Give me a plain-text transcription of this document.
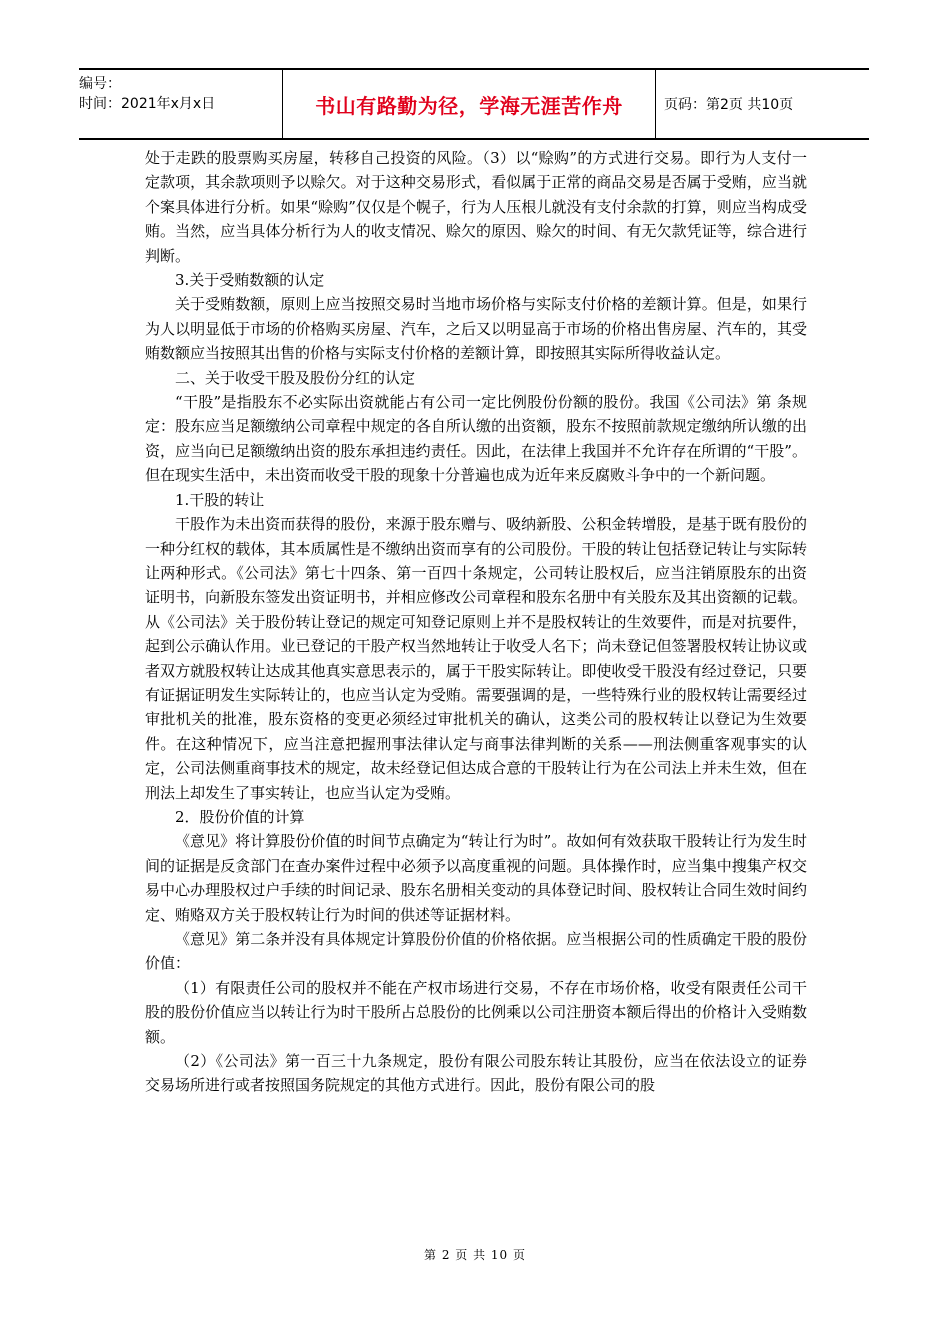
编号：
时间：2021年x月x日	书山有路勤为径，学海无涯苦作舟	页码：第2页 共10页

处于走跌的股票购买房屋，转移自己投资的风险。（3）以“赊购”的方式进行交易。即行为人支付一定款项，其余款项则予以赊欠。对于这种交易形式，看似属于正常的商品交易是否属于受贿，应当就个案具体进行分析。如果“赊购”仅仅是个幌子，行为人压根儿就没有支付余款的打算，则应当构成受贿。当然，应当具体分析行为人的收支情况、赊欠的原因、赊欠的时间、有无欠款凭证等，综合进行判断。

3.关于受贿数额的认定

关于受贿数额，原则上应当按照交易时当地市场价格与实际支付价格的差额计算。但是，如果行为人以明显低于市场的价格购买房屋、汽车，之后又以明显高于市场的价格出售房屋、汽车的，其受贿数额应当按照其出售的价格与实际支付价格的差额计算，即按照其实际所得收益认定。

二、关于收受干股及股份分红的认定

“干股”是指股东不必实际出资就能占有公司一定比例股份份额的股份。我国《公司法》第 条规定：股东应当足额缴纳公司章程中规定的各自所认缴的出资额，股东不按照前款规定缴纳所认缴的出资，应当向已足额缴纳出资的股东承担违约责任。因此，在法律上我国并不允许存在所谓的“干股”。但在现实生活中，未出资而收受干股的现象十分普遍也成为近年来反腐败斗争中的一个新问题。

1.干股的转让

干股作为未出资而获得的股份，来源于股东赠与、吸纳新股、公积金转增股，是基于既有股份的一种分红权的载体，其本质属性是不缴纳出资而享有的公司股份。干股的转让包括登记转让与实际转让两种形式。《公司法》第七十四条、第一百四十条规定，公司转让股权后，应当注销原股东的出资证明书，向新股东签发出资证明书，并相应修改公司章程和股东名册中有关股东及其出资额的记载。从《公司法》关于股份转让登记的规定可知登记原则上并不是股权转让的生效要件，而是对抗要件，起到公示确认作用。业已登记的干股产权当然地转让于收受人名下；尚未登记但签署股权转让协议或者双方就股权转让达成其他真实意思表示的，属于干股实际转让。即使收受干股没有经过登记，只要有证据证明发生实际转让的，也应当认定为受贿。需要强调的是，一些特殊行业的股权转让需要经过审批机关的批准，股东资格的变更必须经过审批机关的确认，这类公司的股权转让以登记为生效要件。在这种情况下，应当注意把握刑事法律认定与商事法律判断的关系——刑法侧重客观事实的认定，公司法侧重商事技术的规定，故未经登记但达成合意的干股转让行为在公司法上并未生效，但在刑法上却发生了事实转让，也应当认定为受贿。

2．股份价值的计算

《意见》将计算股份价值的时间节点确定为“转让行为时”。故如何有效获取干股转让行为发生时间的证据是反贪部门在查办案件过程中必须予以高度重视的问题。具体操作时，应当集中搜集产权交易中心办理股权过户手续的时间记录、股东名册相关变动的具体登记时间、股权转让合同生效时间约定、贿赂双方关于股权转让行为时间的供述等证据材料。

《意见》第二条并没有具体规定计算股份价值的价格依据。应当根据公司的性质确定干股的股份价值：

（1）有限责任公司的股权并不能在产权市场进行交易，不存在市场价格，收受有限责任公司干股的股份价值应当以转让行为时干股所占总股份的比例乘以公司注册资本额后得出的价格计入受贿数额。

（2）《公司法》第一百三十九条规定，股份有限公司股东转让其股份，应当在依法设立的证券交易场所进行或者按照国务院规定的其他方式进行。因此，股份有限公司的股

第 2 页 共 10 页
